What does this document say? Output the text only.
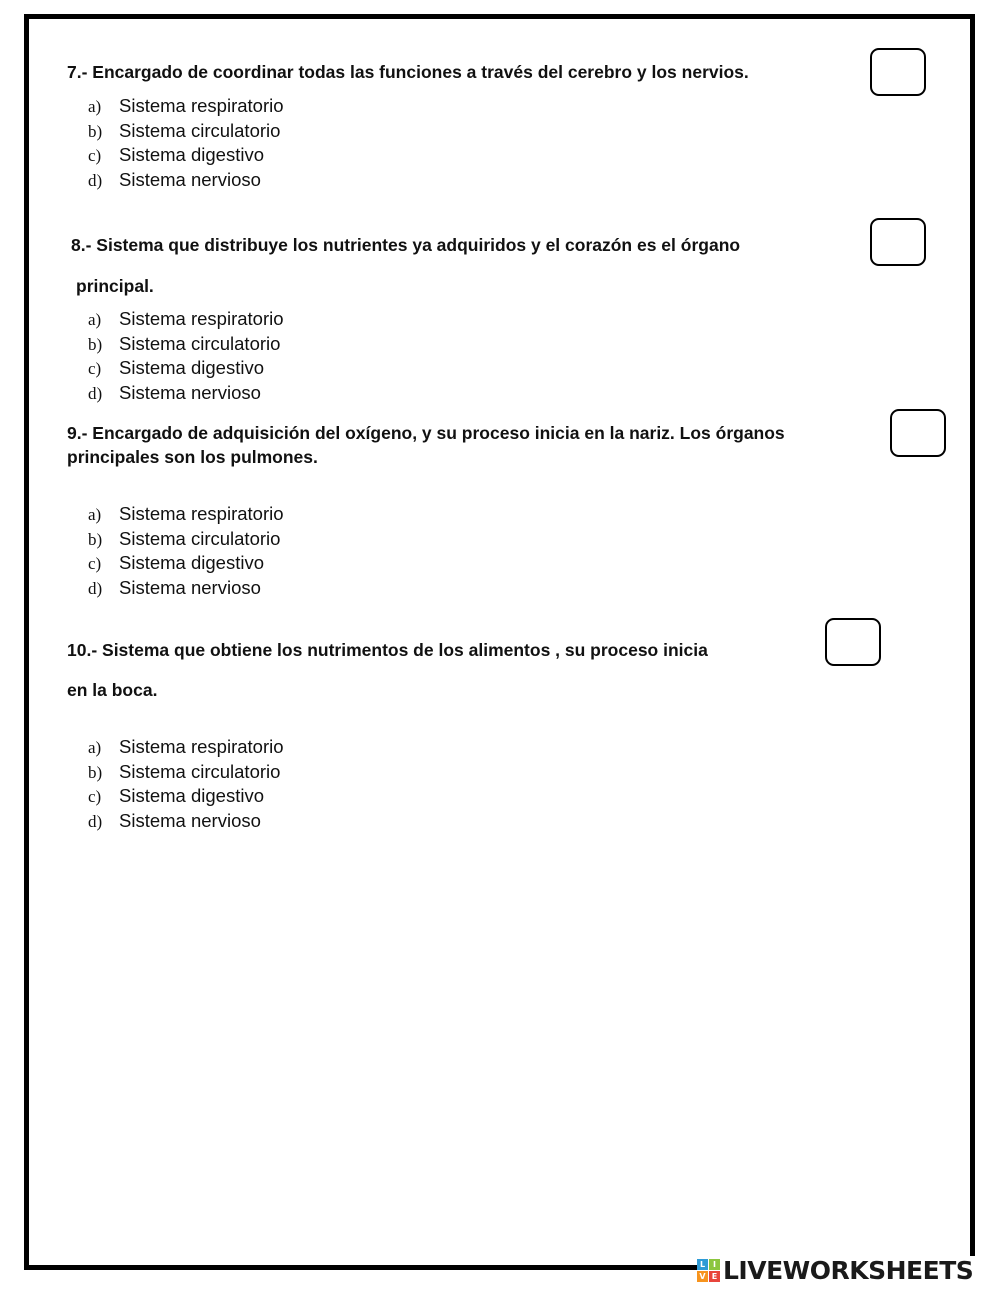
7.- Encargado de coordinar todas las funciones a través del cerebro y los nervios.
a) Sistema respiratorio
b) Sistema circulatorio
c) Sistema digestivo
d) Sistema nervioso
8.- Sistema que distribuye los nutrientes ya adquiridos y el corazón es el órgano
principal.
a) Sistema respiratorio
b) Sistema circulatorio
c) Sistema digestivo
d) Sistema nervioso
9.- Encargado de adquisición del oxígeno, y su proceso inicia en la nariz. Los órganos
principales son los pulmones.
a) Sistema respiratorio
b) Sistema circulatorio
c) Sistema digestivo
d) Sistema nervioso
10.- Sistema que obtiene los nutrimentos de los alimentos , su proceso inicia
en la boca.
a) Sistema respiratorio
b) Sistema circulatorio
c) Sistema digestivo
d) Sistema nervioso
L I
V E LIVEWORKSHEETS
